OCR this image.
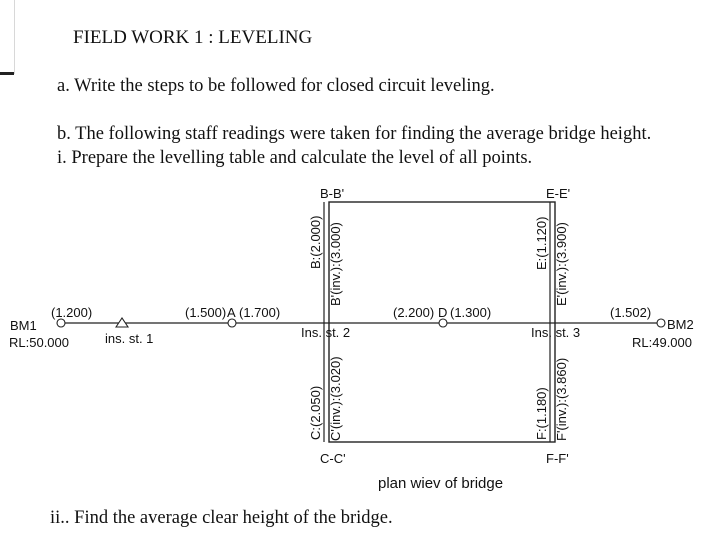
FIELD WORK 1 : LEVELING
a. Write the steps to be followed for closed circuit leveling.
b. The following staff readings were taken for finding the average bridge height.
i. Prepare the levelling table and calculate the level of all points.
ii.. Find the average clear height of the bridge.
BM1
RL:50.000
(1.200)
ins. st. 1
(1.500) A (1.700)
Ins. st. 2
B-B'
C-C'
(2.200) D (1.300)
Ins. st. 3
E-E'
F-F'
(1.502)
BM2
RL:49.000
plan wiev of bridge
B:(2.000) B'(inv.):(3.000)
C:(2.050) C'(inv.):(3.020)
E:(1.120) E'(inv.):(3.900)
F:(1.180) F'(inv.):(3.860)
